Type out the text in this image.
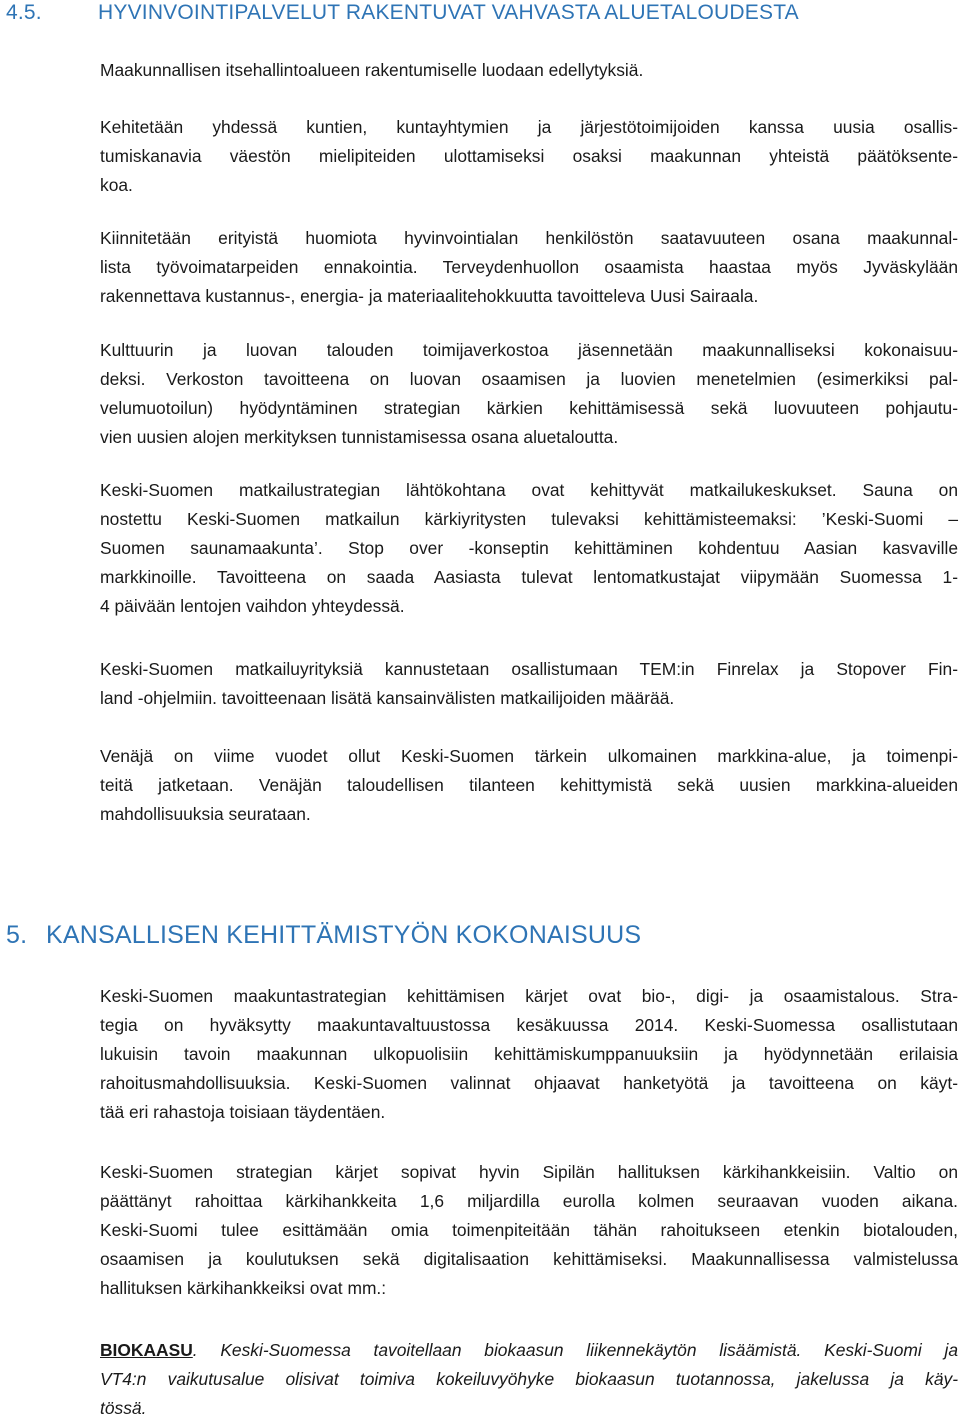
4.5.	HYVINVOINTIPALVELUT RAKENTUVAT VAHVASTA ALUETALOUDESTA

Maakunnallisen itsehallintoalueen rakentumiselle luodaan edellytyksiä.

Kehitetään yhdessä kuntien, kuntayhtymien ja järjestötoimijoiden kanssa uusia osallis-
tumiskanavia väestön mielipiteiden ulottamiseksi osaksi maakunnan yhteistä päätöksente-
koa.

Kiinnitetään erityistä huomiota hyvinvointialan henkilöstön saatavuuteen osana maakunnal-
lista työvoimatarpeiden ennakointia. Terveydenhuollon osaamista haastaa myös Jyväskylään
rakennettava kustannus-, energia- ja materiaalitehokkuutta tavoitteleva Uusi Sairaala.

Kulttuurin ja luovan talouden toimijaverkostoa jäsennetään maakunnalliseksi kokonaisuu-
deksi. Verkoston tavoitteena on luovan osaamisen ja luovien menetelmien (esimerkiksi pal-
velumuotoilun) hyödyntäminen strategian kärkien kehittämisessä sekä luovuuteen pohjautu-
vien uusien alojen merkityksen tunnistamisessa osana aluetaloutta.

Keski-Suomen matkailustrategian lähtökohtana ovat kehittyvät matkailukeskukset. Sauna on
nostettu Keski-Suomen matkailun kärkiyritysten tulevaksi kehittämisteemaksi: ’Keski-Suomi –
Suomen saunamaakunta’. Stop over -konseptin kehittäminen kohdentuu Aasian kasvaville
markkinoille. Tavoitteena on saada Aasiasta tulevat lentomatkustajat viipymään Suomessa 1-
4 päivään lentojen vaihdon yhteydessä.

Keski-Suomen matkailuyrityksiä kannustetaan osallistumaan TEM:in Finrelax ja Stopover Fin-
land -ohjelmiin. tavoitteenaan lisätä kansainvälisten matkailijoiden määrää.

Venäjä on viime vuodet ollut Keski-Suomen tärkein ulkomainen markkina-alue, ja toimenpi-
teitä jatketaan. Venäjän taloudellisen tilanteen kehittymistä sekä uusien markkina-alueiden
mahdollisuuksia seurataan.

5. KANSALLISEN KEHITTÄMISTYÖN KOKONAISUUS

Keski-Suomen maakuntastrategian kehittämisen kärjet ovat bio-, digi- ja osaamistalous. Stra-
tegia on hyväksytty maakuntavaltuustossa kesäkuussa 2014. Keski-Suomessa osallistutaan
lukuisin tavoin maakunnan ulkopuolisiin kehittämiskumppanuuksiin ja hyödynnetään erilaisia
rahoitusmahdollisuuksia. Keski-Suomen valinnat ohjaavat hanketyötä ja tavoitteena on käyt-
tää eri rahastoja toisiaan täydentäen.

Keski-Suomen strategian kärjet sopivat hyvin Sipilän hallituksen kärkihankkeisiin. Valtio on
päättänyt rahoittaa kärkihankkeita 1,6 miljardilla eurolla kolmen seuraavan vuoden aikana.
Keski-Suomi tulee esittämään omia toimenpiteitään tähän rahoitukseen etenkin biotalouden,
osaamisen ja koulutuksen sekä digitalisaation kehittämiseksi. Maakunnallisessa valmistelussa
hallituksen kärkihankkeiksi ovat mm.:

BIOKAASU. Keski-Suomessa tavoitellaan biokaasun liikennekäytön lisäämistä. Keski-Suomi ja
VT4:n vaikutusalue olisivat toimiva kokeiluvyöhyke biokaasun tuotannossa, jakelussa ja käy-
tössä.
